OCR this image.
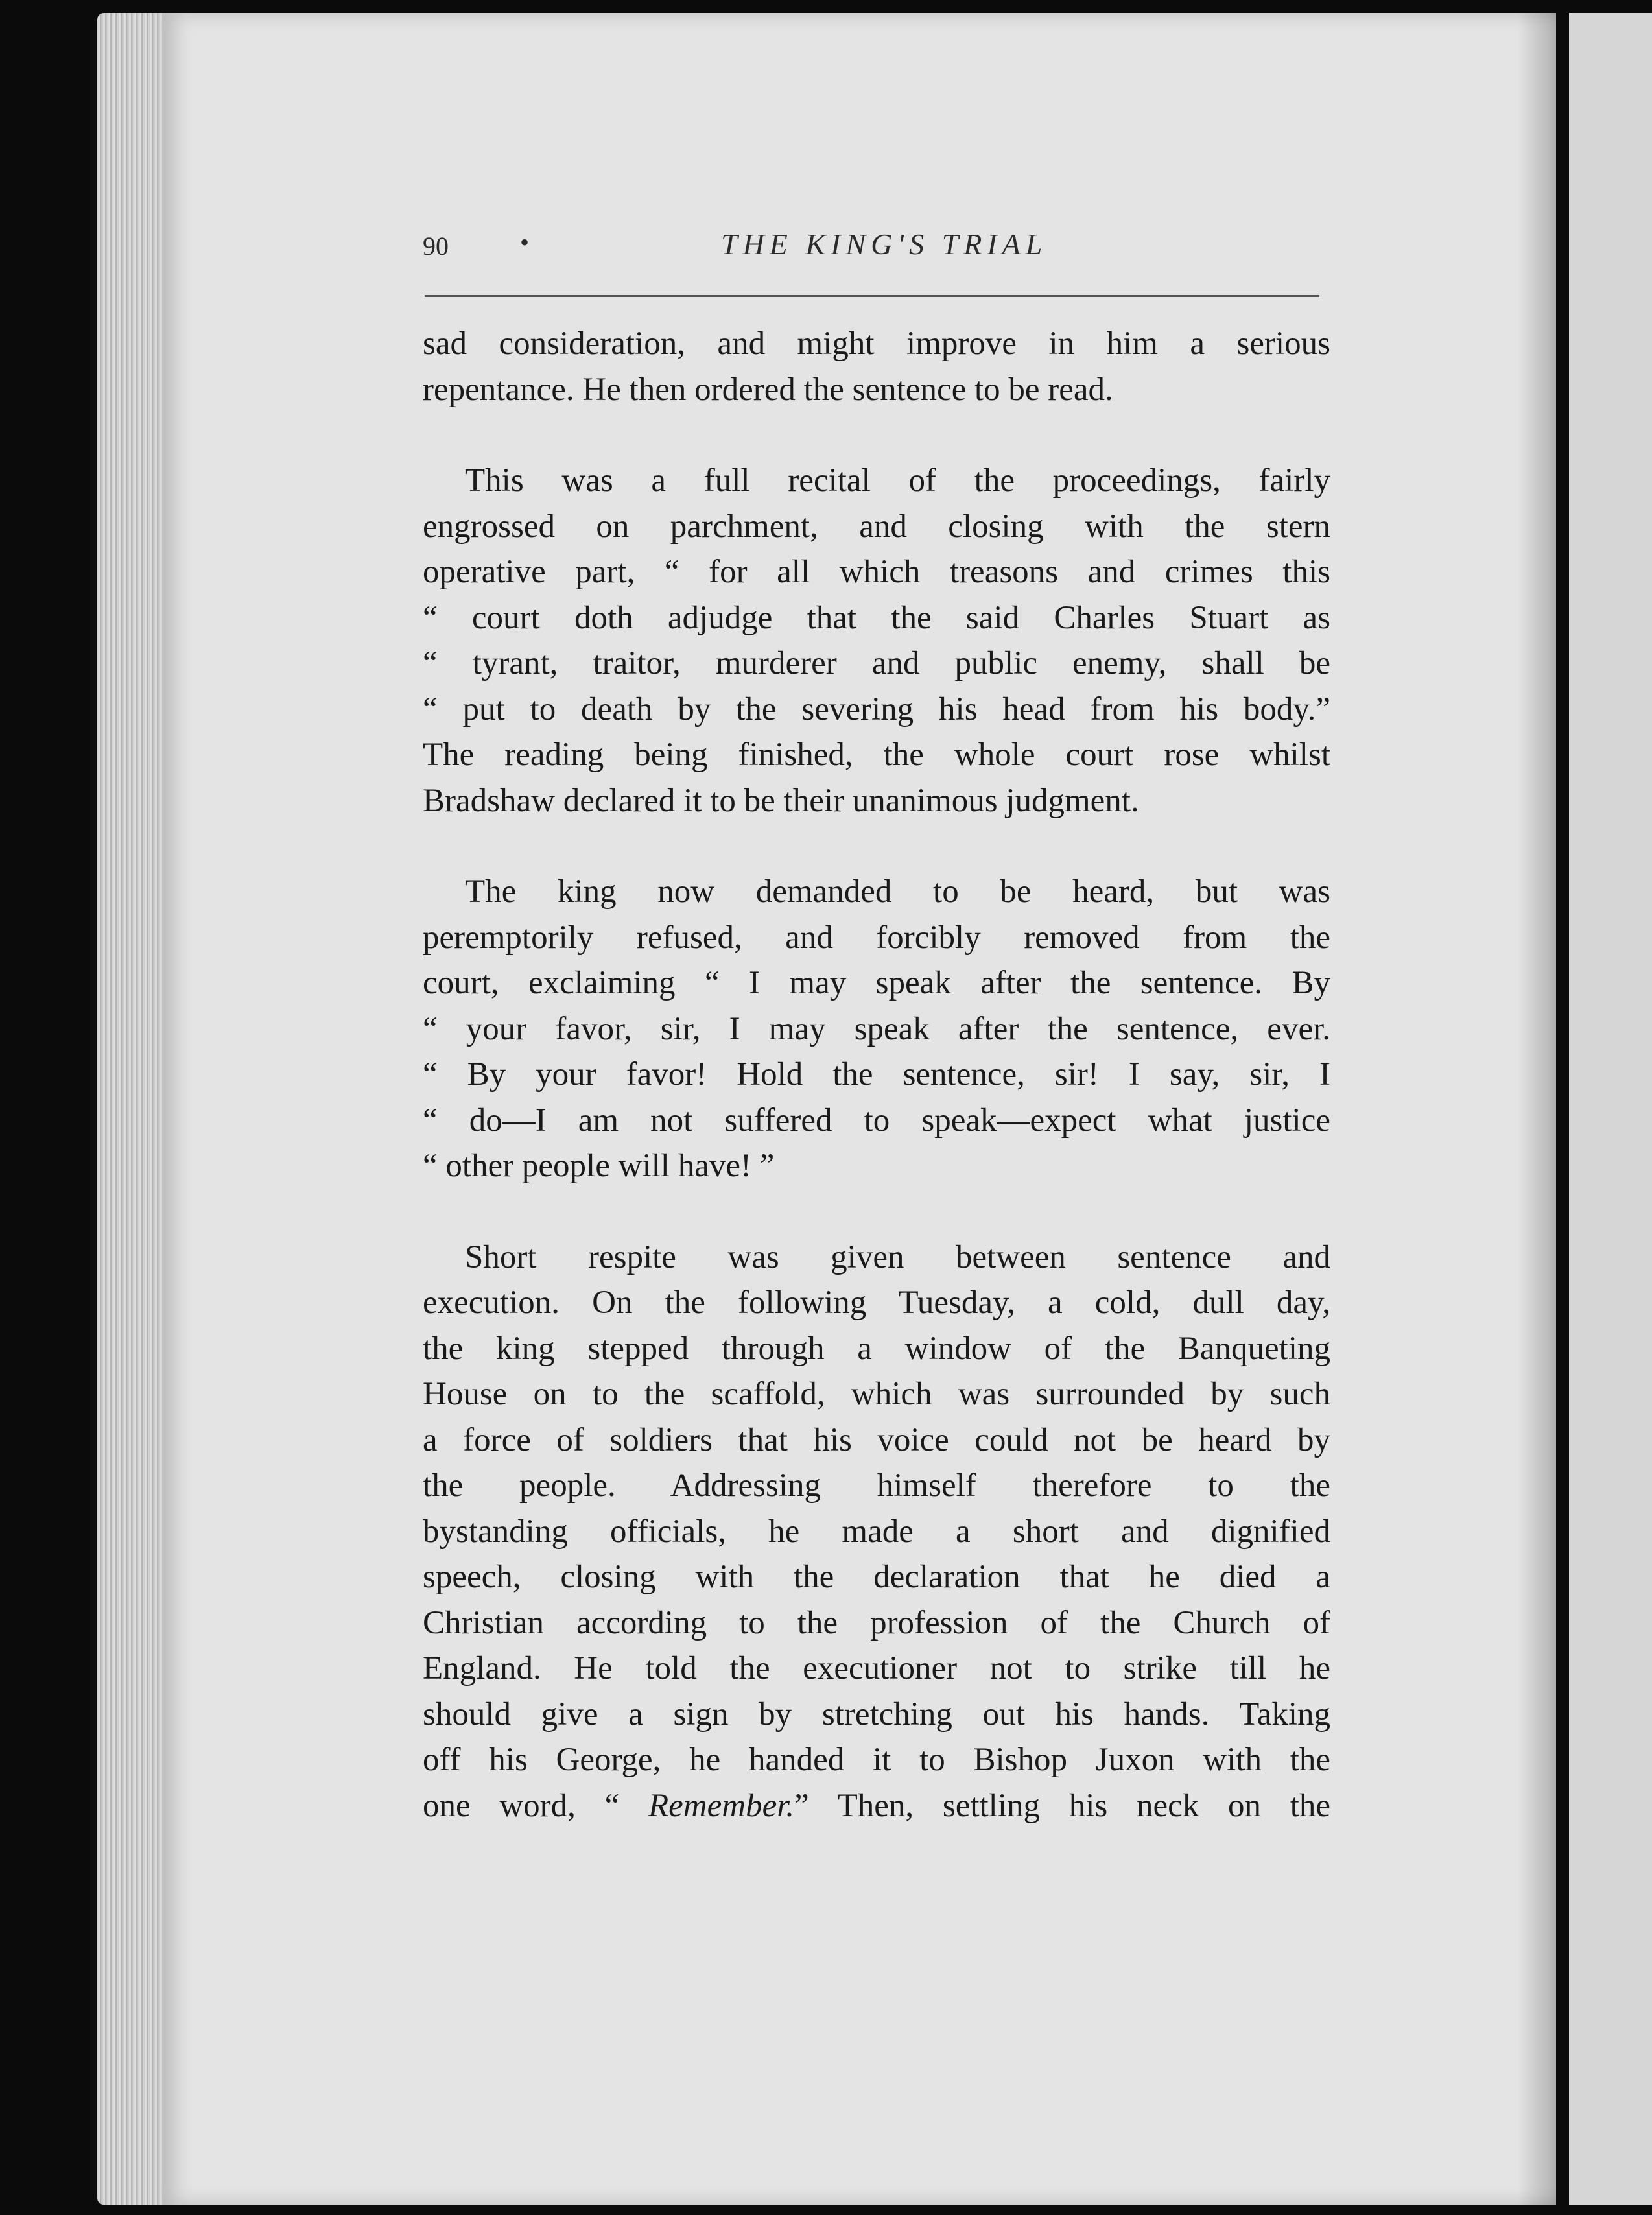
90	•	THE KING'S TRIAL
sad consideration, and might improve in him a serious
repentance. He then ordered the sentence to be read.
This was a full recital of the proceedings, fairly
engrossed on parchment, and closing with the stern
operative part, “ for all which treasons and crimes this
“ court doth adjudge that the said Charles Stuart as
“ tyrant, traitor, murderer and public enemy, shall be
“ put to death by the severing his head from his body.”
The reading being finished, the whole court rose whilst
Bradshaw declared it to be their unanimous judgment.
The king now demanded to be heard, but was
peremptorily refused, and forcibly removed from the
court, exclaiming “ I may speak after the sentence. By
“ your favor, sir, I may speak after the sentence, ever.
“ By your favor! Hold the sentence, sir! I say, sir, I
“ do—I am not suffered to speak—expect what justice
“ other people will have! ”
Short respite was given between sentence and
execution. On the following Tuesday, a cold, dull day,
the king stepped through a window of the Banqueting
House on to the scaffold, which was surrounded by such
a force of soldiers that his voice could not be heard by
the people. Addressing himself therefore to the
bystanding officials, he made a short and dignified
speech, closing with the declaration that he died a
Christian according to the profession of the Church of
England. He told the executioner not to strike till he
should give a sign by stretching out his hands. Taking
off his George, he handed it to Bishop Juxon with the
one word, “ Remember.” Then, settling his neck on the
